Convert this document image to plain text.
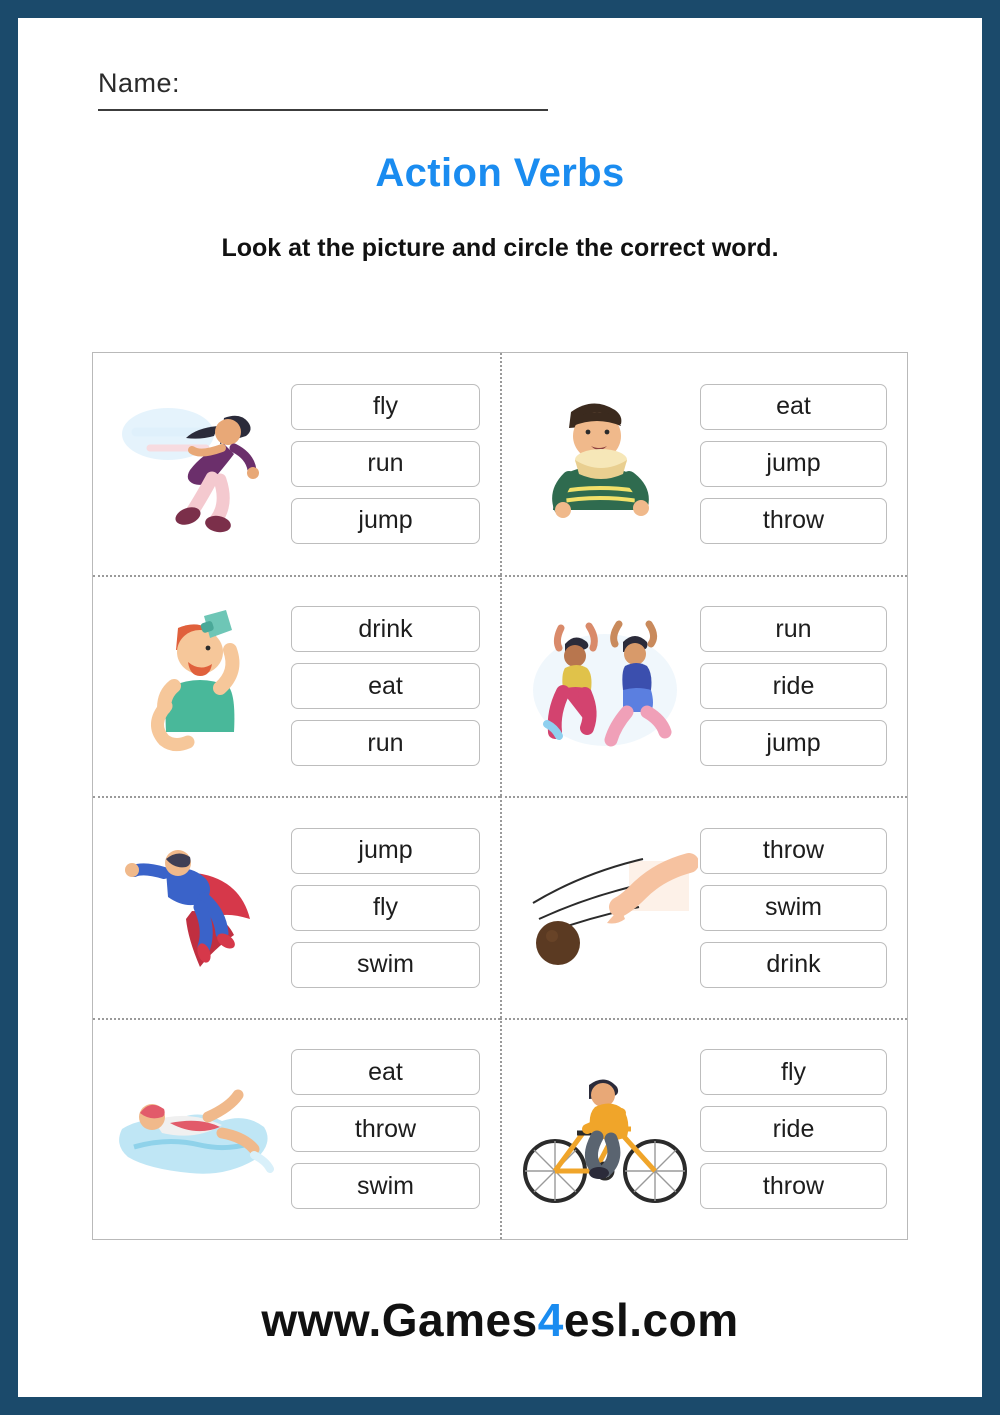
Name:
Action Verbs
Look at the picture and circle the correct word.
fly
run
jump
eat
jump
throw
drink
eat
run
run
ride
jump
jump
fly
swim
throw
swim
drink
eat
throw
swim
fly
ride
throw
www.Games4esl.com
